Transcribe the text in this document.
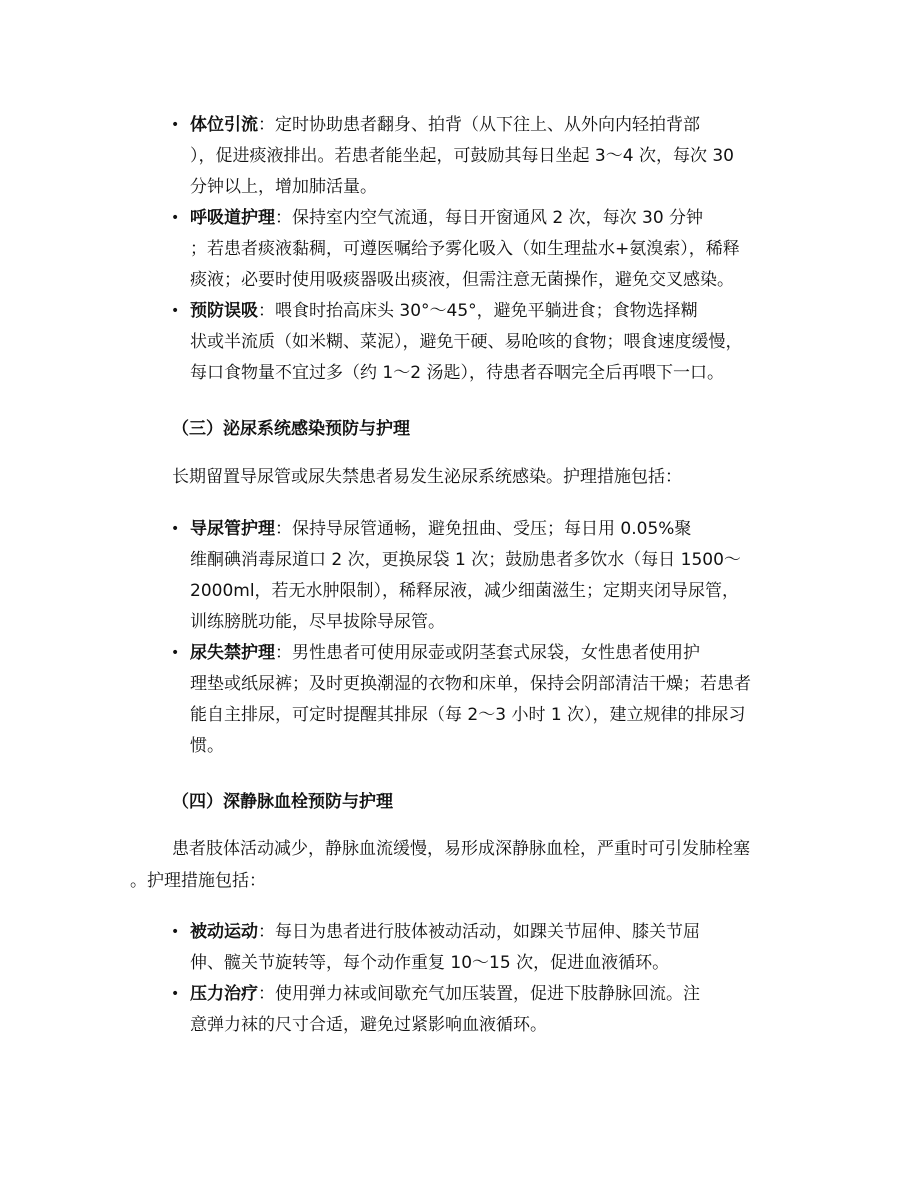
• 体位引流：定时协助患者翻身、拍背（从下往上、从外向内轻拍背部
），促进痰液排出。若患者能坐起，可鼓励其每日坐起 3～4 次，每次 30
分钟以上，增加肺活量。
• 呼吸道护理：保持室内空气流通，每日开窗通风 2 次，每次 30 分钟
；若患者痰液黏稠，可遵医嘱给予雾化吸入（如生理盐水+氨溴索），稀释
痰液；必要时使用吸痰器吸出痰液，但需注意无菌操作，避免交叉感染。
• 预防误吸：喂食时抬高床头 30°～45°，避免平躺进食；食物选择糊
状或半流质（如米糊、菜泥），避免干硬、易呛咳的食物；喂食速度缓慢，
每口食物量不宜过多（约 1～2 汤匙），待患者吞咽完全后再喂下一口。
（三）泌尿系统感染预防与护理
长期留置导尿管或尿失禁患者易发生泌尿系统感染。护理措施包括：
• 导尿管护理：保持导尿管通畅，避免扭曲、受压；每日用 0.05%聚
维酮碘消毒尿道口 2 次，更换尿袋 1 次；鼓励患者多饮水（每日 1500～
2000ml，若无水肿限制），稀释尿液，减少细菌滋生；定期夹闭导尿管，
训练膀胱功能，尽早拔除导尿管。
• 尿失禁护理：男性患者可使用尿壶或阴茎套式尿袋，女性患者使用护
理垫或纸尿裤；及时更换潮湿的衣物和床单，保持会阴部清洁干燥；若患者
能自主排尿，可定时提醒其排尿（每 2～3 小时 1 次），建立规律的排尿习
惯。
（四）深静脉血栓预防与护理
患者肢体活动减少，静脉血流缓慢，易形成深静脉血栓，严重时可引发肺栓塞
。护理措施包括：
• 被动运动：每日为患者进行肢体被动活动，如踝关节屈伸、膝关节屈
伸、髋关节旋转等，每个动作重复 10～15 次，促进血液循环。
• 压力治疗：使用弹力袜或间歇充气加压装置，促进下肢静脉回流。注
意弹力袜的尺寸合适，避免过紧影响血液循环。
